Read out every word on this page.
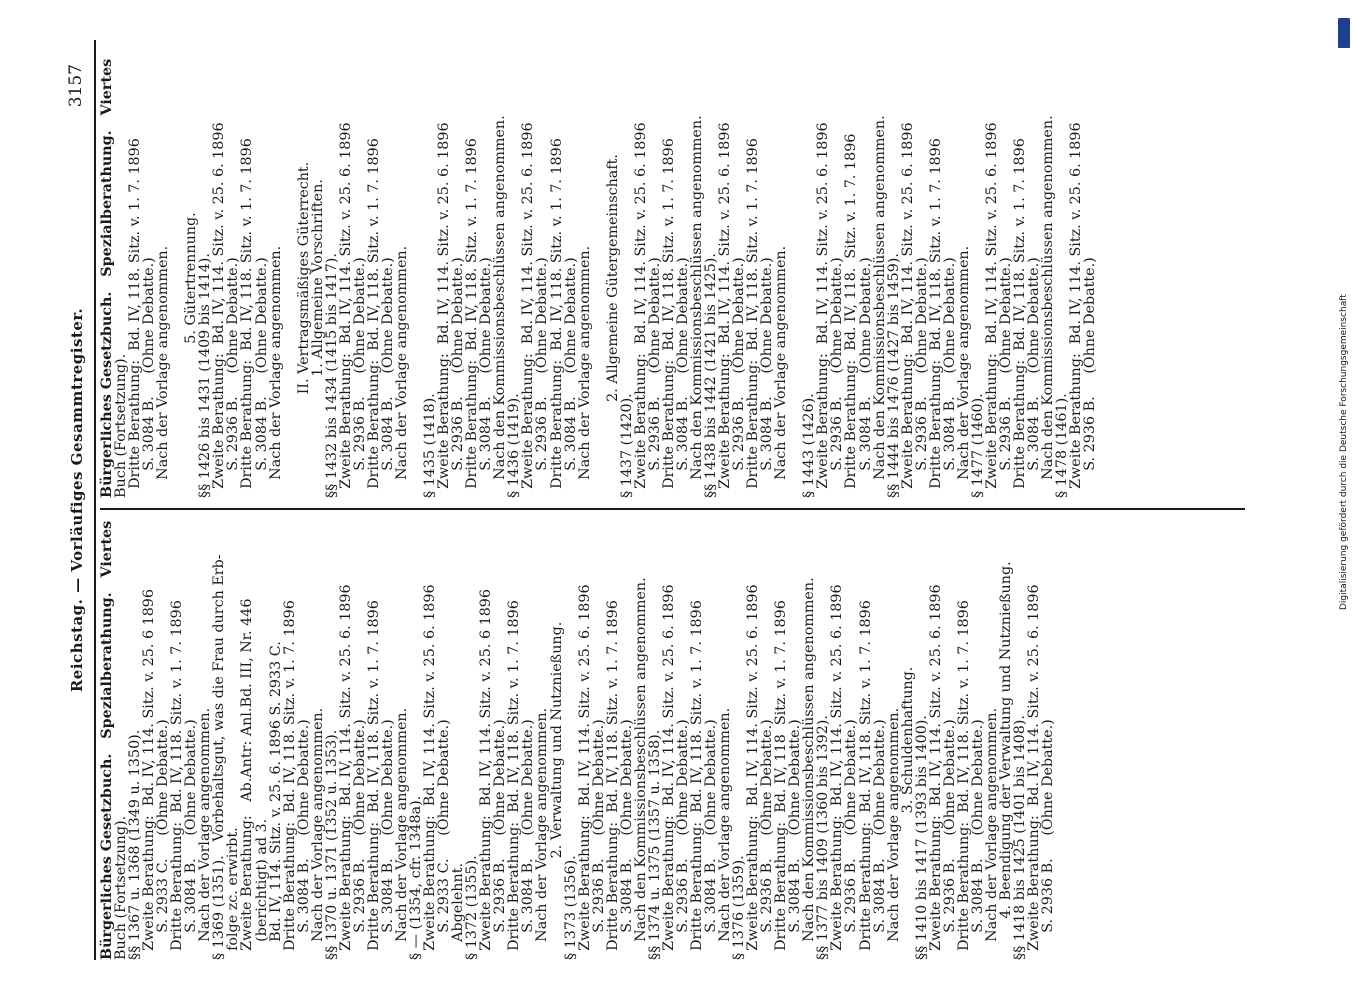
Reichstag. — Vorläufiges Gesammtregister.
3157
Bürgerliches Gesetzbuch.   Spezialberathung.   Viertes
Buch (Fortsetzung).
§§ 1367 u. 1368 (1349 u. 1350).
Zweite Berathung:  Bd. IV, 114. Sitz. v. 25. 6 1896
S. 2933 C.     (Ohne Debatte.)
Dritte Berathung:  Bd. IV, 118. Sitz. v. 1. 7. 1896
S. 3084 B.     (Ohne Debatte.)
Nach der Vorlage angenommen.
§ 1369 (1351).   Vorbehaltsgut, was die Frau durch Erb-
folge zc. erwirbt.
Zweite Berathung:   Ab.Antr: Anl.Bd. III, Nr. 446
(berichtigt) ad 3.
Bd. IV, 114. Sitz. v. 25. 6. 1896 S. 2933 C.
Dritte Berathung:  Bd. IV, 118. Sitz. v. 1. 7. 1896
S. 3084 B.     (Ohne Debatte.)
Nach der Vorlage angenommen.
§§ 1370 u. 1371 (1352 u. 1353).
Zweite Berathung:  Bd. IV, 114. Sitz. v. 25. 6. 1896
S. 2936 B.     (Ohne Debatte.)
Dritte Berathung:  Bd. IV, 118. Sitz. v. 1. 7. 1896
S. 3084 B.     (Ohne Debatte.)
Nach der Vorlage angenommen.
§ — (1354, cfr. 1348a).
Zweite Berathung:  Bd. IV, 114. Sitz. v. 25. 6. 1896
S. 2933 C.     (Ohne Debatte.)
Abgelehnt.
§ 1372 (1355).
Zweite Berathung:  Bd. IV, 114. Sitz. v. 25. 6 1896
S. 2936 B.     (Ohne Debatte.)
Dritte Berathung:  Bd. IV, 118. Sitz. v. 1. 7. 1896
S. 3084 B.     (Ohne Debatte.)
Nach der Vorlage angenommen.
2. Verwaltung und Nutznießung.
§ 1373 (1356).
Zweite Berathung:  Bd. IV, 114. Sitz. v. 25. 6. 1896
S. 2936 B.     (Ohne Debatte.)
Dritte Berathung:  Bd. IV, 118. Sitz. v. 1. 7. 1896
S. 3084 B.     (Ohne Debatte.)
Nach den Kommissionsbeschlüssen angenommen.
§§ 1374 u. 1375 (1357 u. 1358).
Zweite Berathung:  Bd. IV, 114. Sitz. v. 25. 6. 1896
S. 2936 B.     (Ohne Debatte.)
Dritte Berathung:  Bd. IV, 118. Sitz. v. 1. 7. 1896
S. 3084 B.     (Ohne Debatte.)
Nach der Vorlage angenommen.
§ 1376 (1359).
Zweite Berathung:  Bd. IV, 114. Sitz. v. 25. 6. 1896
S. 2936 B.     (Ohne Debatte.)
Dritte Berathung:  Bd. IV, 118  Sitz. v. 1. 7. 1896
S. 3084 B.     (Ohne Debatte.)
Nach den Kommissionsbeschlüssen angenommen.
§§ 1377 bis 1409 (1360 bis 1392).
Zweite Berathung:  Bd. IV, 114. Sitz. v. 25. 6. 1896
S. 2936 B.     (Ohne Debatte.)
Dritte Berathung:  Bd. IV, 118. Sitz. v. 1. 7. 1896
S. 3084 B.     (Ohne Debatte.)
Nach der Vorlage angenommen.
3. Schuldenhaftung.
§§ 1410 bis 1417 (1393 bis 1400).
Zweite Berathung:  Bd. IV, 114. Sitz. v. 25. 6. 1896
S. 2936 B.     (Ohne Debatte.)
Dritte Berathung:  Bd. IV, 118. Sitz. v. 1. 7. 1896
S. 3084 B.     (Ohne Debatte.)
Nach der Vorlage angenommen.
4. Beendigung der Verwaltung und Nutznießung.
§§ 1418 bis 1425 (1401 bis 1408).
Zweite Berathung:  Bd. IV, 114. Sitz. v. 25. 6. 1896
S. 2936 B.     (Ohne Debatte.)
Bürgerliches Gesetzbuch.   Spezialberathung.   Viertes
Buch (Fortsetzung).
Dritte Berathung:  Bd. IV, 118. Sitz. v. 1. 7. 1896
S. 3084 B.     (Ohne Debatte.)
Nach der Vorlage angenommen. 5. Gütertrennung.
§§ 1426 bis 1431 (1409 bis 1414).
Zweite Berathung:  Bd. IV, 114. Sitz. v. 25. 6. 1896
S. 2936 B.     (Ohne Debatte.)
Dritte Berathung:  Bd. IV, 118. Sitz. v. 1. 7. 1896
S. 3084 B.     (Ohne Debatte.)
Nach der Vorlage angenommen. II. Vertragsmäßiges Güterrecht.
1. Allgemeine Vorschriften.
§§ 1432 bis 1434 (1415 bis 1417).
Zweite Berathung:  Bd. IV, 114. Sitz. v. 25. 6. 1896
S. 2936 B.     (Ohne Debatte.)
Dritte Berathung:  Bd. IV, 118. Sitz. v. 1. 7. 1896
S. 3084 B.     (Ohne Debatte.)
Nach der Vorlage angenommen. § 1435 (1418).
Zweite Berathung:  Bd. IV, 114. Sitz. v. 25. 6. 1896
S. 2936 B.     (Ohne Debatte.)
Dritte Berathung:  Bd. IV, 118. Sitz. v. 1. 7. 1896
S. 3084 B.     (Ohne Debatte.)
Nach den Kommissionsbeschlüssen angenommen.
§ 1436 (1419).
Zweite Berathung:  Bd. IV, 114. Sitz. v. 25. 6. 1896
S. 2936 B.     (Ohne Debatte.)
Dritte Berathung:  Bd. IV, 118. Sitz. v. 1. 7. 1896
S. 3084 B.     (Ohne Debatte.)
Nach der Vorlage angenommen. 2. Allgemeine Gütergemeinschaft.
§ 1437 (1420).
Zweite Berathung:  Bd. IV, 114. Sitz. v. 25. 6. 1896
S. 2936 B.     (Ohne Debatte.)
Dritte Berathung:  Bd. IV, 118. Sitz. v. 1. 7. 1896
S. 3084 B.     (Ohne Debatte.)
Nach den Kommissionsbeschlüssen angenommen.
§§ 1438 bis 1442 (1421 bis 1425).
Zweite Berathung:  Bd. IV, 114. Sitz. v. 25. 6. 1896
S. 2936 B.     (Ohne Debatte.)
Dritte Berathung:  Bd. IV, 118. Sitz. v. 1. 7. 1896
S. 3084 B.     (Ohne Debatte.)
Nach der Vorlage angenommen. § 1443 (1426).
Zweite Berathung:  Bd. IV, 114. Sitz. v. 25. 6. 1896
S. 2936 B.     (Ohne Debatte.)
Dritte Berathung:  Bd. IV, 118.  Sitz. v. 1. 7. 1896
S. 3084 B.     (Ohne Debatte.)
Nach den Kommissionsbeschlüssen angenommen.
§§ 1444 bis 1476 (1427 bis 1459).
Zweite Berathung:  Bd. IV, 114. Sitz. v. 25. 6. 1896
S. 2936 B.     (Ohne Debatte.)
Dritte Berathung:  Bd. IV, 118. Sitz. v. 1. 7. 1896
S. 3084 B.     (Ohne Debatte.)
Nach der Vorlage angenommen.
§ 1477 (1460).
Zweite Berathung:  Bd. IV, 114. Sitz. v. 25. 6. 1896
S. 2936 B.     (Ohne Debatte.)
Dritte Berathung:  Bd. IV, 118. Sitz. v. 1. 7. 1896
S. 3084 B.     (Ohne Debatte.)
Nach den Kommissionsbeschlüssen angenommen.
§ 1478 (1461).
Zweite Berathung:  Bd. IV, 114. Sitz. v. 25. 6. 1896
S. 2936 B.     (Ohne Debatte.)	Digitalisierung gefördert durch die Deutsche Forschungsgemeinschaft
